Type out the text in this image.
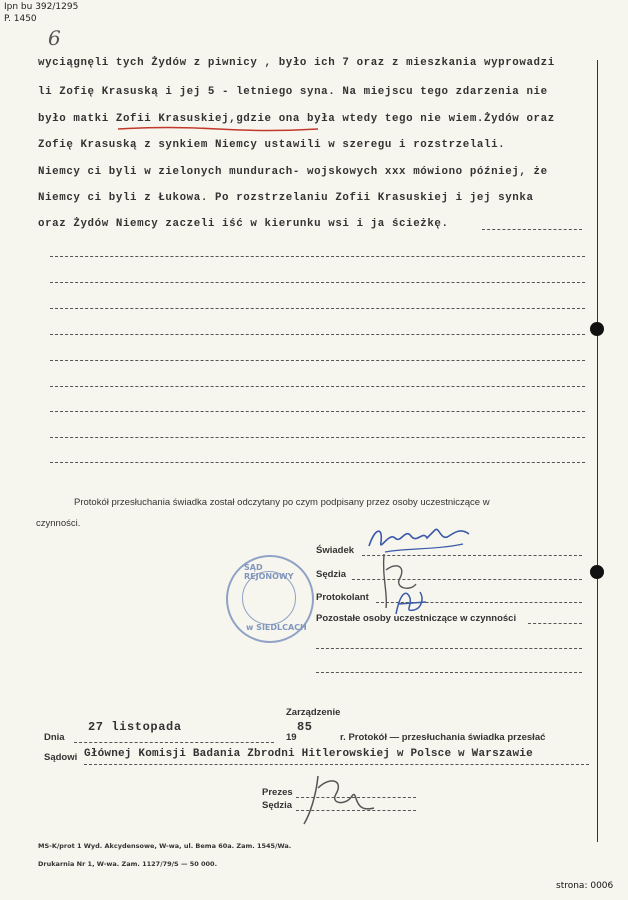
Ipn bu 392/1295
P. 1450
6
wyciągnęli tych Żydów z piwnicy , było ich 7 oraz z mieszkania wyprowadzi
li Zofię Krasuską i jej 5 - letniego syna. Na miejscu tego zdarzenia nie
było matki Zofii Krasuskiej,gdzie ona była wtedy tego nie wiem.Żydów oraz
Zofię Krasuską z synkiem Niemcy ustawili w szeregu i rozstrzelali.
Niemcy ci byli w zielonych mundurach- wojskowych xxx mówiono później, że
Niemcy ci byli z Łukowa. Po rozstrzelaniu Zofii Krasuskiej i jej synka
oraz Żydów Niemcy zaczeli iść w kierunku wsi i ja ścieżkę.
Protokół przesłuchania świadka został odczytany po czym podpisany przez osoby uczestniczące w
czynności.
SĄD REJONOWY
w SIEDLCACH
Świadek
Sędzia
Protokolant
Pozostałe osoby uczestniczące w czynności
Zarządzenie
Dnia
27 listopada
19
85
r. Protokół — przesłuchania świadka przesłać
Sądowi Głównej Komisji Badania Zbrodni Hitlerowskiej w Polsce w Warszawie
Prezes
Sędzia
MS-K/prot 1 Wyd. Akcydensowe, W-wa, ul. Bema 60a. Zam. 1545/Wa.
Drukarnia Nr 1, W-wa. Zam. 1127/79/S — 50 000.
strona: 0006
